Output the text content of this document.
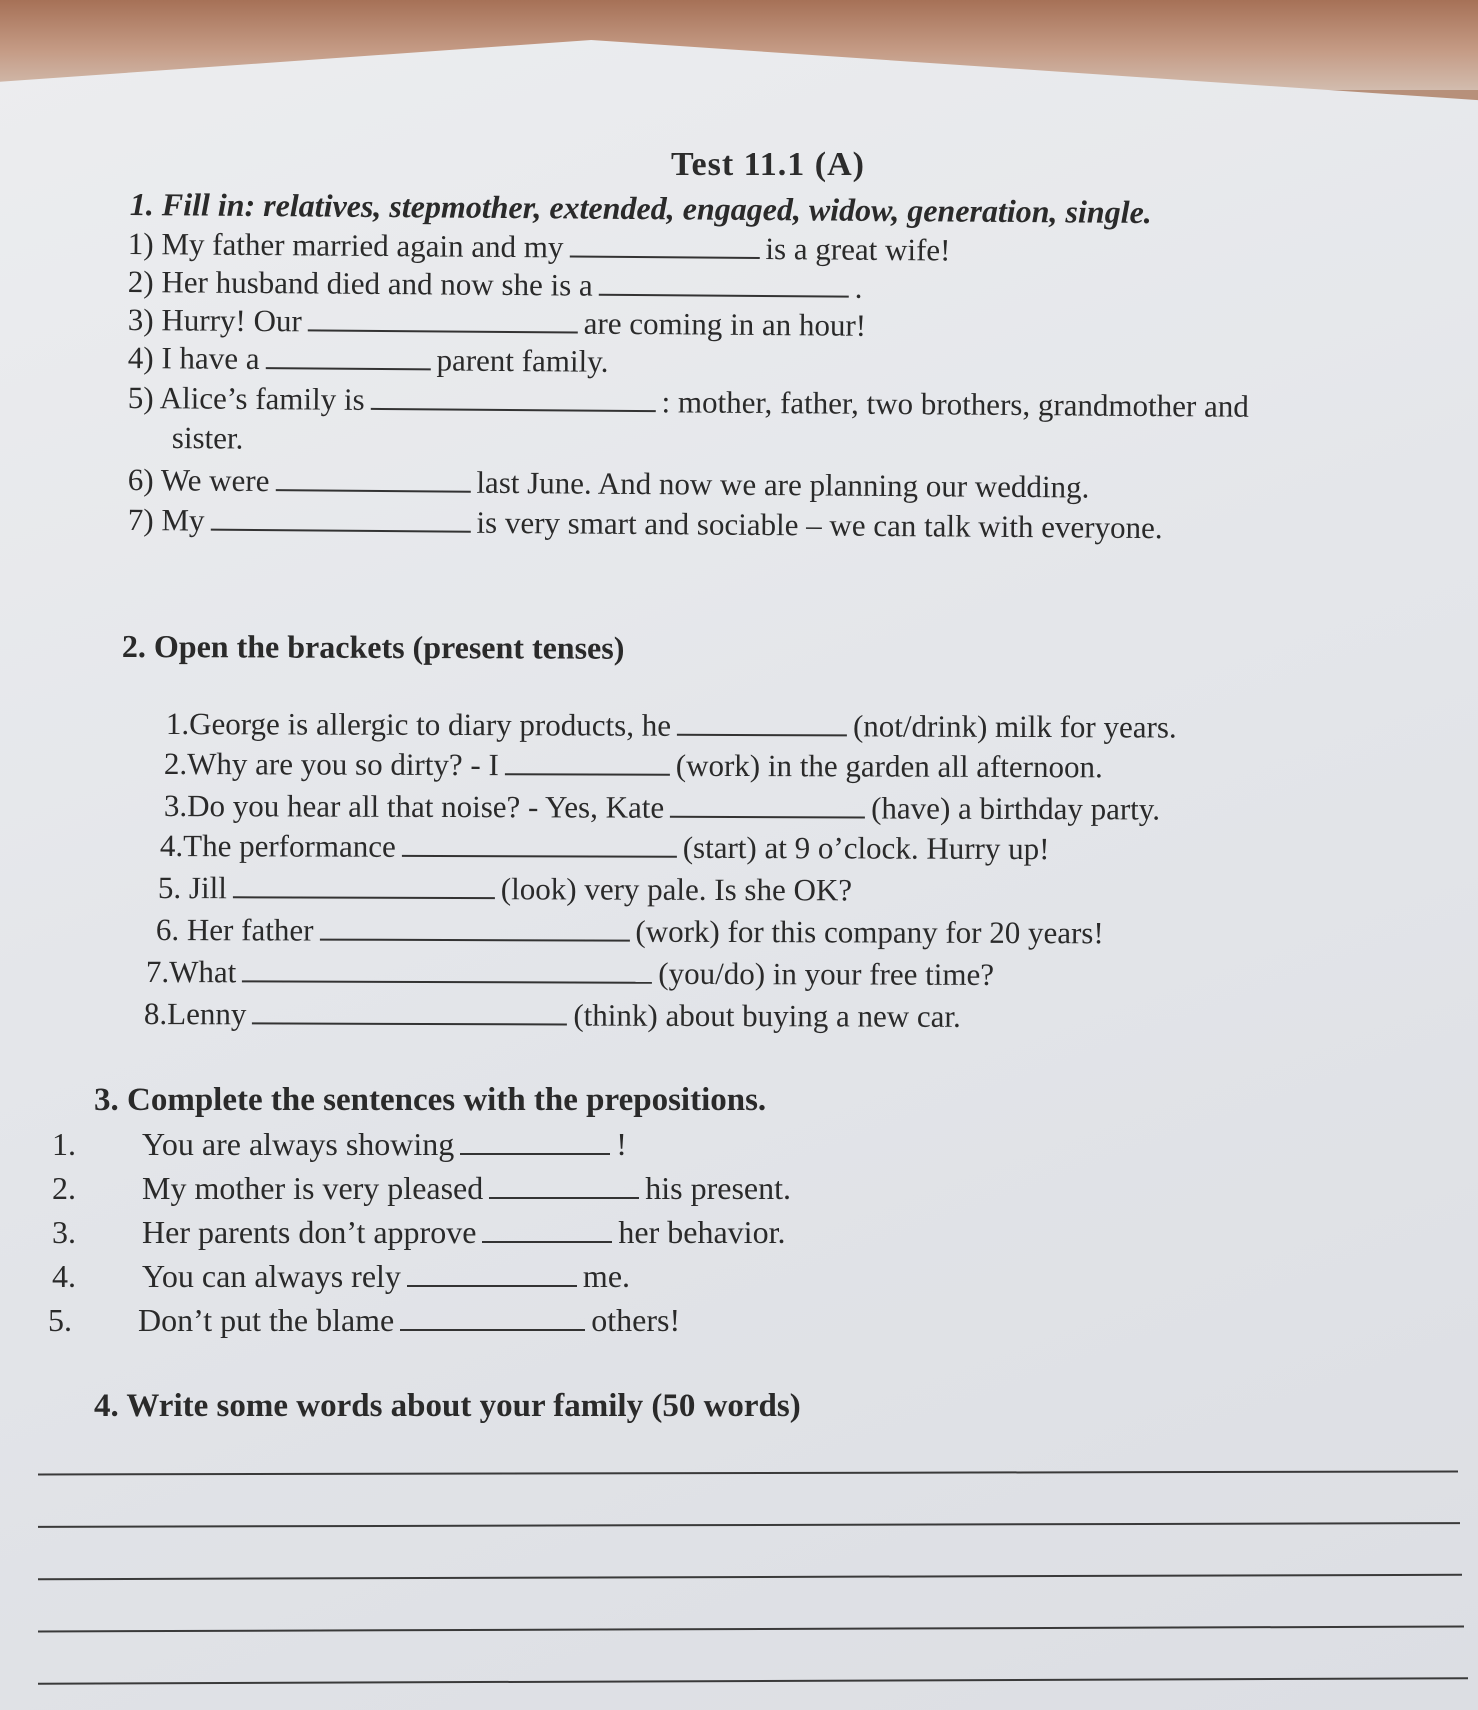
Test 11.1 (A)
1. Fill in: relatives, stepmother, extended, engaged, widow, generation, single.
1) My father married again and my	is a great wife!
2) Her husband died and now she is a	.
3) Hurry! Our	are coming in an hour!
4) I have a	parent family.
5) Alice’s family is	: mother, father, two brothers, grandmother and
sister.
6) We were	last June. And now we are planning our wedding.
7) My	is very smart and sociable – we can talk with everyone.
2. Open the brackets (present tenses)
1.George is allergic to diary products, he	(not/drink) milk for years.
2.Why are you so dirty? - I	(work) in the garden all afternoon.
3.Do you hear all that noise? - Yes, Kate	(have) a birthday party.
4.The performance	(start) at 9 o’clock. Hurry up!
5. Jill	(look) very pale. Is she OK?
6. Her father	(work) for this company for 20 years!
7.What	(you/do) in your free time?
8.Lenny	(think) about buying a new car.
3. Complete the sentences with the prepositions.
1. You are always showing	!
2. My mother is very pleased	his present.
3. Her parents don’t approve	her behavior.
4. You can always rely	me.
5. Don’t put the blame	others!
4. Write some words about your family (50 words)
